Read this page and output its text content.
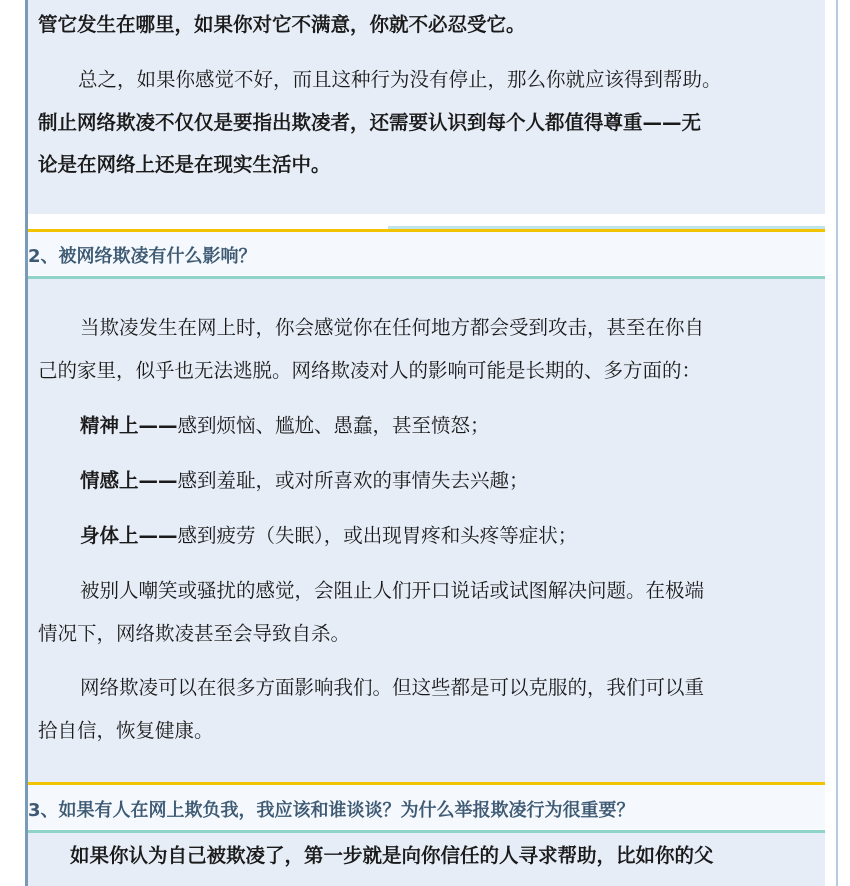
管它发生在哪里，如果你对它不满意，你就不必忍受它。

总之，如果你感觉不好，而且这种行为没有停止，那么你就应该得到帮助。

制止网络欺凌不仅仅是要指出欺凌者，还需要认识到每个人都值得尊重——无

论是在网络上还是在现实生活中。

2、被网络欺凌有什么影响？

当欺凌发生在网上时，你会感觉你在任何地方都会受到攻击，甚至在你自

己的家里，似乎也无法逃脱。网络欺凌对人的影响可能是长期的、多方面的：

精神上——感到烦恼、尴尬、愚蠢，甚至愤怒；

情感上——感到羞耻，或对所喜欢的事情失去兴趣；

身体上——感到疲劳（失眠），或出现胃疼和头疼等症状；

被别人嘲笑或骚扰的感觉，会阻止人们开口说话或试图解决问题。在极端

情况下，网络欺凌甚至会导致自杀。

网络欺凌可以在很多方面影响我们。但这些都是可以克服的，我们可以重

拾自信，恢复健康。

3、如果有人在网上欺负我，我应该和谁谈谈？为什么举报欺凌行为很重要？

如果你认为自己被欺凌了，第一步就是向你信任的人寻求帮助，比如你的父
